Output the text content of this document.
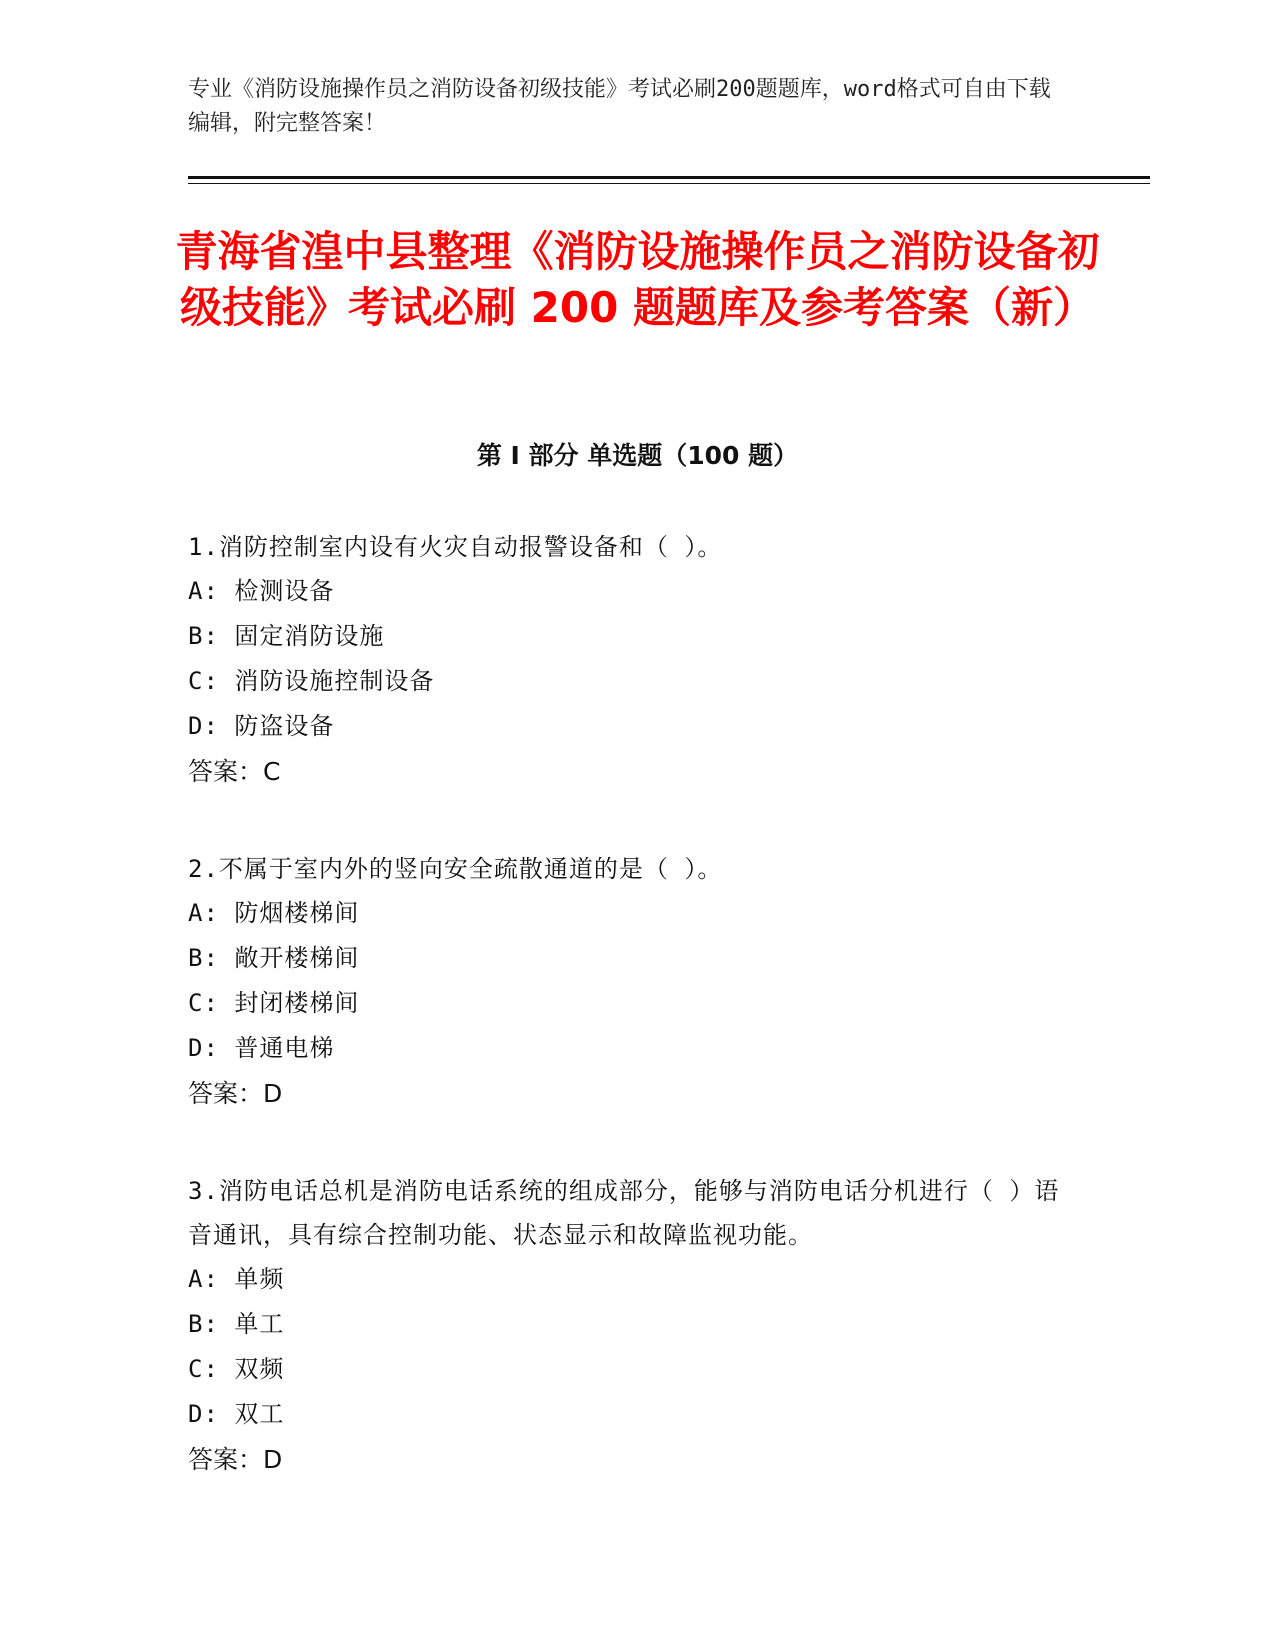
专业《消防设施操作员之消防设备初级技能》考试必刷200题题库，word格式可自由下载编辑，附完整答案！

青海省湟中县整理《消防设施操作员之消防设备初级技能》考试必刷 200 题题库及参考答案（新）
第 I 部分 单选题（100 题）

1.消防控制室内设有火灾自动报警设备和（ ）。

A: 检测设备

B: 固定消防设施

C: 消防设施控制设备

D: 防盗设备

答案：C

2.不属于室内外的竖向安全疏散通道的是（ ）。

A: 防烟楼梯间

B: 敞开楼梯间

C: 封闭楼梯间

D: 普通电梯

答案：D

3.消防电话总机是消防电话系统的组成部分，能够与消防电话分机进行（ ）语音通讯，具有综合控制功能、状态显示和故障监视功能。

A: 单频

B: 单工

C: 双频

D: 双工

答案：D
